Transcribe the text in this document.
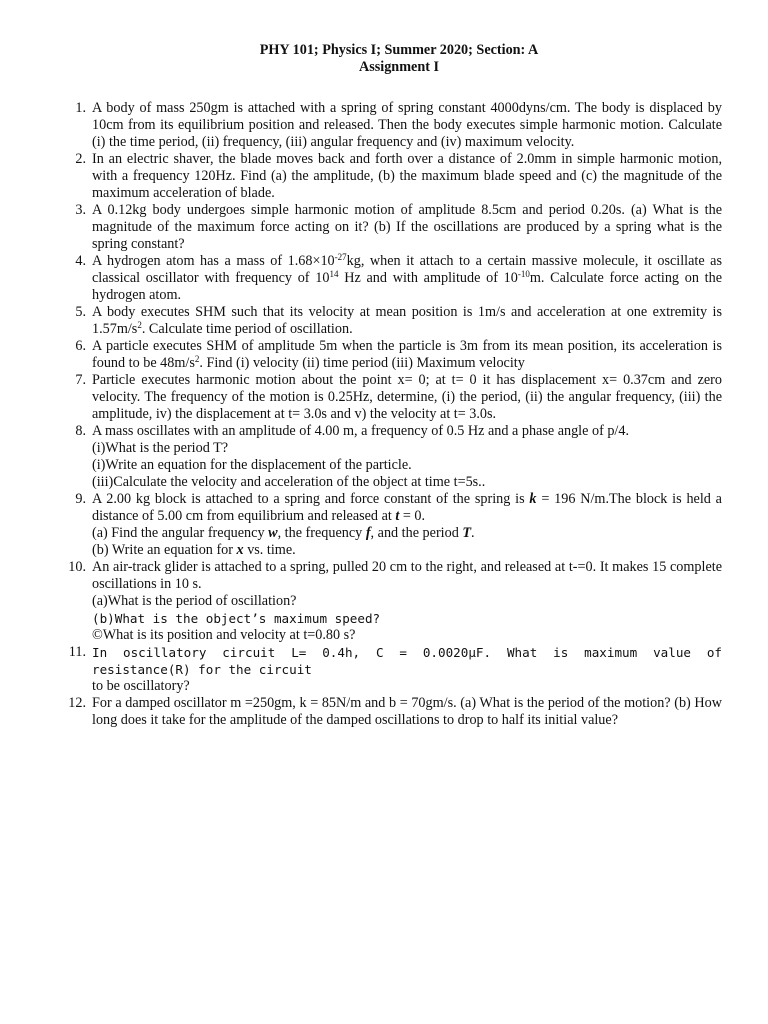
PHY 101; Physics I; Summer 2020; Section: A
Assignment I
1. A body of mass 250gm is attached with a spring of spring constant 4000dyns/cm. The body is displaced by 10cm from its equilibrium position and released. Then the body executes simple harmonic motion. Calculate (i) the time period, (ii) frequency, (iii) angular frequency and (iv) maximum velocity.
2. In an electric shaver, the blade moves back and forth over a distance of 2.0mm in simple harmonic motion, with a frequency 120Hz. Find (a) the amplitude, (b) the maximum blade speed and (c) the magnitude of the maximum acceleration of blade.
3. A 0.12kg body undergoes simple harmonic motion of amplitude 8.5cm and period 0.20s. (a) What is the magnitude of the maximum force acting on it? (b) If the oscillations are produced by a spring what is the spring constant?
4. A hydrogen atom has a mass of $1.68\times 10^{-27}kg$, when it attach to a certain massive molecule, it oscillate as classical oscillator with frequency of $10^{14}$ Hz and with amplitude of $10^{-10}m$. Calculate force acting on the hydrogen atom.
5. A body executes SHM such that its velocity at mean position is 1m/s and acceleration at one extremity is $1.57m/s^2$. Calculate time period of oscillation.
6. A particle executes SHM of amplitude 5m when the particle is 3m from its mean position, its acceleration is found to be $48m/s^2$. Find (i) velocity (ii) time period (iii) Maximum velocity
7. Particle executes harmonic motion about the point x= 0; at t= 0 it has displacement x= 0.37cm and zero velocity. The frequency of the motion is 0.25Hz, determine, (i) the period, (ii) the angular frequency, (iii) the amplitude, iv) the displacement at t= 3.0s and v) the velocity at t= 3.0s.
8. A mass oscillates with an amplitude of 4.00 m, a frequency of 0.5 Hz and a phase angle of p/4.
(i)What is the period T?
(i)Write an equation for the displacement of the particle.
(iii)Calculate the velocity and acceleration of the object at time t=5s..
9. A 2.00 kg block is attached to a spring and force constant of the spring is k = 196 N/m.The block is held a distance of 5.00 cm from equilibrium and released at t = 0.
(a) Find the angular frequency w, the frequency f, and the period T.
(b) Write an equation for x vs. time.
10. An air-track glider is attached to a spring, pulled 20 cm to the right, and released at t-=0. It makes 15 complete oscillations in 10 s.
(a)What is the period of oscillation?
(b)What is the object’s maximum speed?
©What is its position and velocity at t=0.80 s?
11. In oscillatory circuit L= 0.4h, C = 0.0020μF. What is maximum value of resistance(R) for the circuit
to be oscillatory?
12. For a damped oscillator m =250gm, k = 85N/m and b = 70gm/s. (a) What is the period of the motion? (b) How long does it take for the amplitude of the damped oscillations to drop to half its initial value?
